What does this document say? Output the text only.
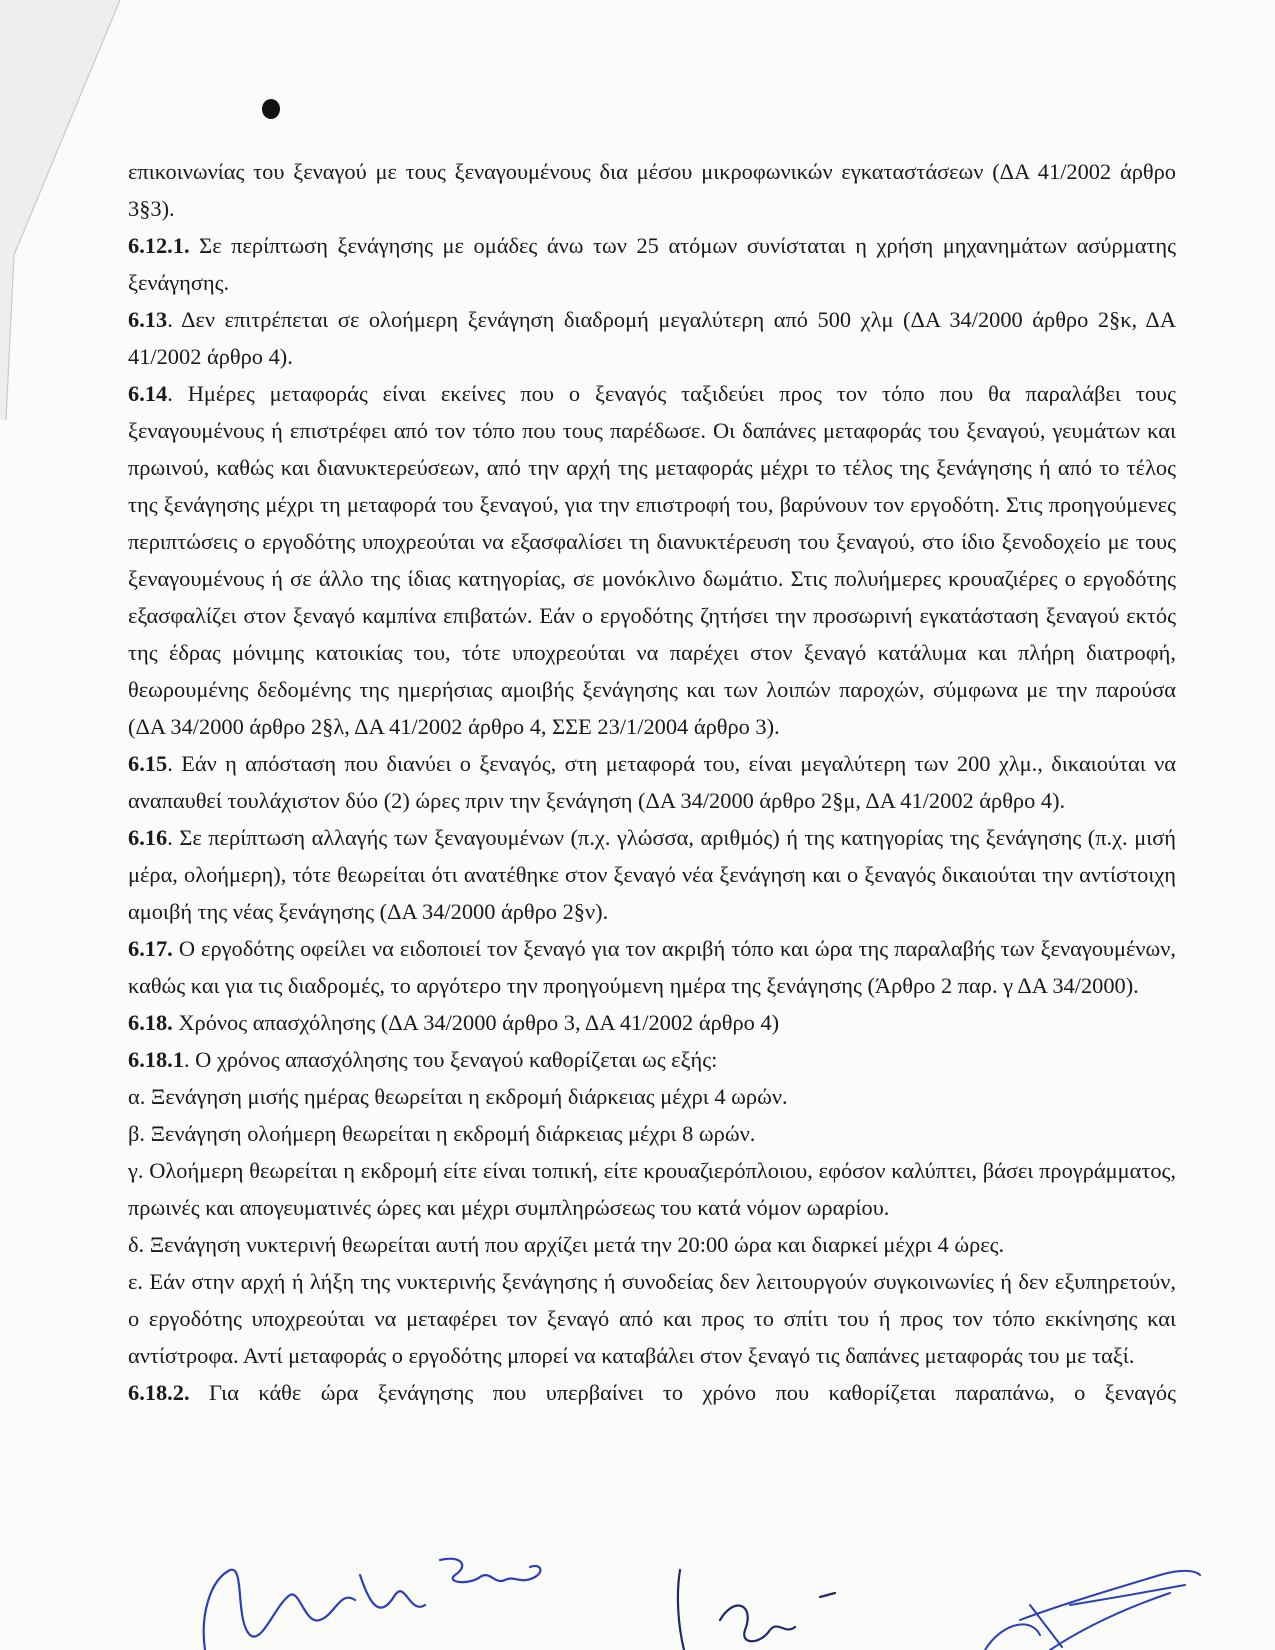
επικοινωνίας του ξεναγού με τους ξεναγουμένους δια μέσου μικροφωνικών εγκαταστάσεων (ΔΑ 41/2002 άρθρο 3§3).

6.12.1. Σε περίπτωση ξενάγησης με ομάδες άνω των 25 ατόμων συνίσταται η χρήση μηχανημάτων ασύρματης ξενάγησης.

6.13. Δεν επιτρέπεται σε ολοήμερη ξενάγηση διαδρομή μεγαλύτερη από 500 χλμ (ΔΑ 34/2000 άρθρο 2§κ, ΔΑ 41/2002 άρθρο 4).

6.14. Ημέρες μεταφοράς είναι εκείνες που ο ξεναγός ταξιδεύει προς τον τόπο που θα παραλάβει τους ξεναγουμένους ή επιστρέφει από τον τόπο που τους παρέδωσε. Οι δαπάνες μεταφοράς του ξεναγού, γευμάτων και πρωινού, καθώς και διανυκτερεύσεων, από την αρχή της μεταφοράς μέχρι το τέλος της ξενάγησης ή από το τέλος της ξενάγησης μέχρι τη μεταφορά του ξεναγού, για την επιστροφή του, βαρύνουν τον εργοδότη. Στις προηγούμενες περιπτώσεις ο εργοδότης υποχρεούται να εξασφαλίσει τη διανυκτέρευση του ξεναγού, στο ίδιο ξενοδοχείο με τους ξεναγουμένους ή σε άλλο της ίδιας κατηγορίας, σε μονόκλινο δωμάτιο. Στις πολυήμερες κρουαζιέρες ο εργοδότης εξασφαλίζει στον ξεναγό καμπίνα επιβατών. Εάν ο εργοδότης ζητήσει την προσωρινή εγκατάσταση ξεναγού εκτός της έδρας μόνιμης κατοικίας του, τότε υποχρεούται να παρέχει στον ξεναγό κατάλυμα και πλήρη διατροφή, θεωρουμένης δεδομένης της ημερήσιας αμοιβής ξενάγησης και των λοιπών παροχών, σύμφωνα με την παρούσα (ΔΑ 34/2000 άρθρο 2§λ, ΔΑ 41/2002 άρθρο 4, ΣΣΕ 23/1/2004 άρθρο 3).

6.15. Εάν η απόσταση που διανύει ο ξεναγός, στη μεταφορά του, είναι μεγαλύτερη των 200 χλμ., δικαιούται να αναπαυθεί τουλάχιστον δύο (2) ώρες πριν την ξενάγηση (ΔΑ 34/2000 άρθρο 2§μ, ΔΑ 41/2002 άρθρο 4).

6.16. Σε περίπτωση αλλαγής των ξεναγουμένων (π.χ. γλώσσα, αριθμός) ή της κατηγορίας της ξενάγησης (π.χ. μισή μέρα, ολοήμερη), τότε θεωρείται ότι ανατέθηκε στον ξεναγό νέα ξενάγηση και ο ξεναγός δικαιούται την αντίστοιχη αμοιβή της νέας ξενάγησης (ΔΑ 34/2000 άρθρο 2§ν).

6.17. Ο εργοδότης οφείλει να ειδοποιεί τον ξεναγό για τον ακριβή τόπο και ώρα της παραλαβής των ξεναγουμένων, καθώς και για τις διαδρομές, το αργότερο την προηγούμενη ημέρα της ξενάγησης (Άρθρο 2 παρ. γ ΔΑ 34/2000).

6.18. Χρόνος απασχόλησης (ΔΑ 34/2000 άρθρο 3, ΔΑ 41/2002 άρθρο 4)

6.18.1. Ο χρόνος απασχόλησης του ξεναγού καθορίζεται ως εξής:

α. Ξενάγηση μισής ημέρας θεωρείται η εκδρομή διάρκειας μέχρι 4 ωρών.

β. Ξενάγηση ολοήμερη θεωρείται η εκδρομή διάρκειας μέχρι 8 ωρών.

γ. Ολοήμερη θεωρείται η εκδρομή είτε είναι τοπική, είτε κρουαζιερόπλοιου, εφόσον καλύπτει, βάσει προγράμματος, πρωινές και απογευματινές ώρες και μέχρι συμπληρώσεως του κατά νόμον ωραρίου.

δ. Ξενάγηση νυκτερινή θεωρείται αυτή που αρχίζει μετά την 20:00 ώρα και διαρκεί μέχρι 4 ώρες.

ε. Εάν στην αρχή ή λήξη της νυκτερινής ξενάγησης ή συνοδείας δεν λειτουργούν συγκοινωνίες ή δεν εξυπηρετούν, ο εργοδότης υποχρεούται να μεταφέρει τον ξεναγό από και προς το σπίτι του ή προς τον τόπο εκκίνησης και αντίστροφα. Αντί μεταφοράς ο εργοδότης μπορεί να καταβάλει στον ξεναγό τις δαπάνες μεταφοράς του με ταξί.

6.18.2. Για κάθε ώρα ξενάγησης που υπερβαίνει το χρόνο που καθορίζεται παραπάνω, ο ξεναγός
